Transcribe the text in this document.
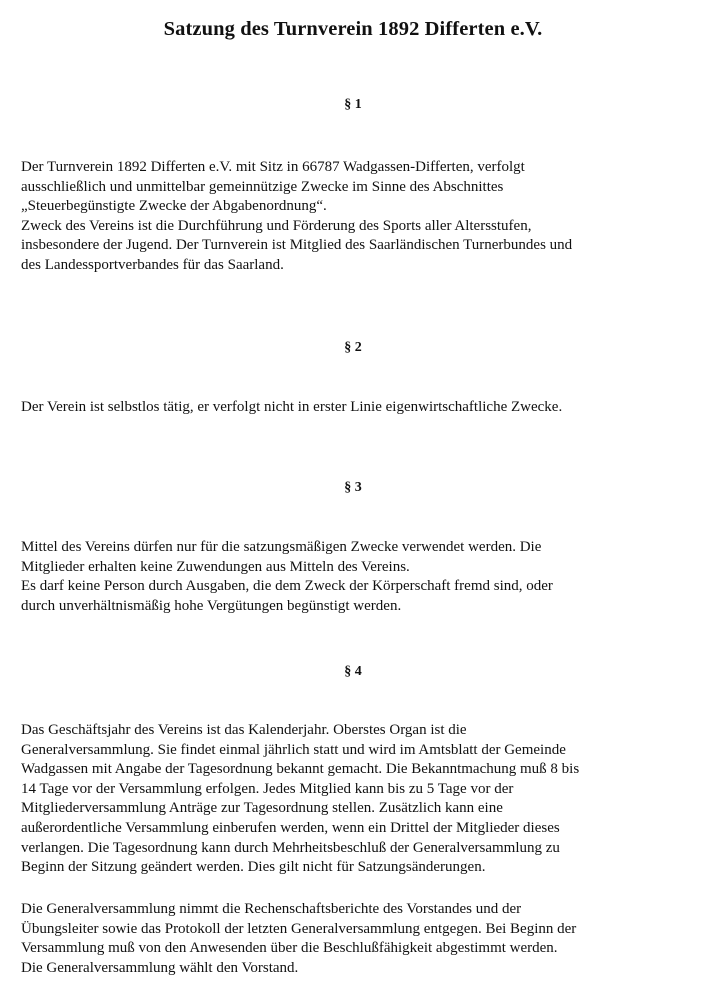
Satzung des Turnverein 1892 Differten e.V.
§ 1
Der Turnverein 1892 Differten e.V. mit Sitz in 66787 Wadgassen-Differten, verfolgt
ausschließlich und unmittelbar gemeinnützige Zwecke im Sinne des Abschnittes
„Steuerbegünstigte Zwecke der Abgabenordnung“.
Zweck des Vereins ist die Durchführung und Förderung des Sports aller Altersstufen,
insbesondere der Jugend. Der Turnverein ist Mitglied des Saarländischen Turnerbundes und
des Landessportverbandes für das Saarland.
§ 2
Der Verein ist selbstlos tätig, er verfolgt nicht in erster Linie eigenwirtschaftliche Zwecke.
§ 3
Mittel des Vereins dürfen nur für die satzungsmäßigen Zwecke verwendet werden. Die
Mitglieder erhalten keine Zuwendungen aus Mitteln des Vereins.
Es darf keine Person durch Ausgaben, die dem Zweck der Körperschaft fremd sind, oder
durch unverhältnismäßig hohe Vergütungen begünstigt werden.
§ 4
Das Geschäftsjahr des Vereins ist das Kalenderjahr. Oberstes Organ ist die
Generalversammlung. Sie findet einmal jährlich statt und wird im Amtsblatt der Gemeinde
Wadgassen mit Angabe der Tagesordnung bekannt gemacht. Die Bekanntmachung muß 8 bis
14 Tage vor der Versammlung erfolgen. Jedes Mitglied kann bis zu 5 Tage vor der
Mitgliederversammlung Anträge zur Tagesordnung stellen. Zusätzlich kann eine
außerordentliche Versammlung einberufen werden, wenn ein Drittel der Mitglieder dieses
verlangen. Die Tagesordnung kann durch Mehrheitsbeschluß der Generalversammlung zu
Beginn der Sitzung geändert werden. Dies gilt nicht für Satzungsänderungen.
Die Generalversammlung nimmt die Rechenschaftsberichte des Vorstandes und der
Übungsleiter sowie das Protokoll der letzten Generalversammlung entgegen. Bei Beginn der
Versammlung muß von den Anwesenden über die Beschlußfähigkeit abgestimmt werden.
Die Generalversammlung wählt den Vorstand.
